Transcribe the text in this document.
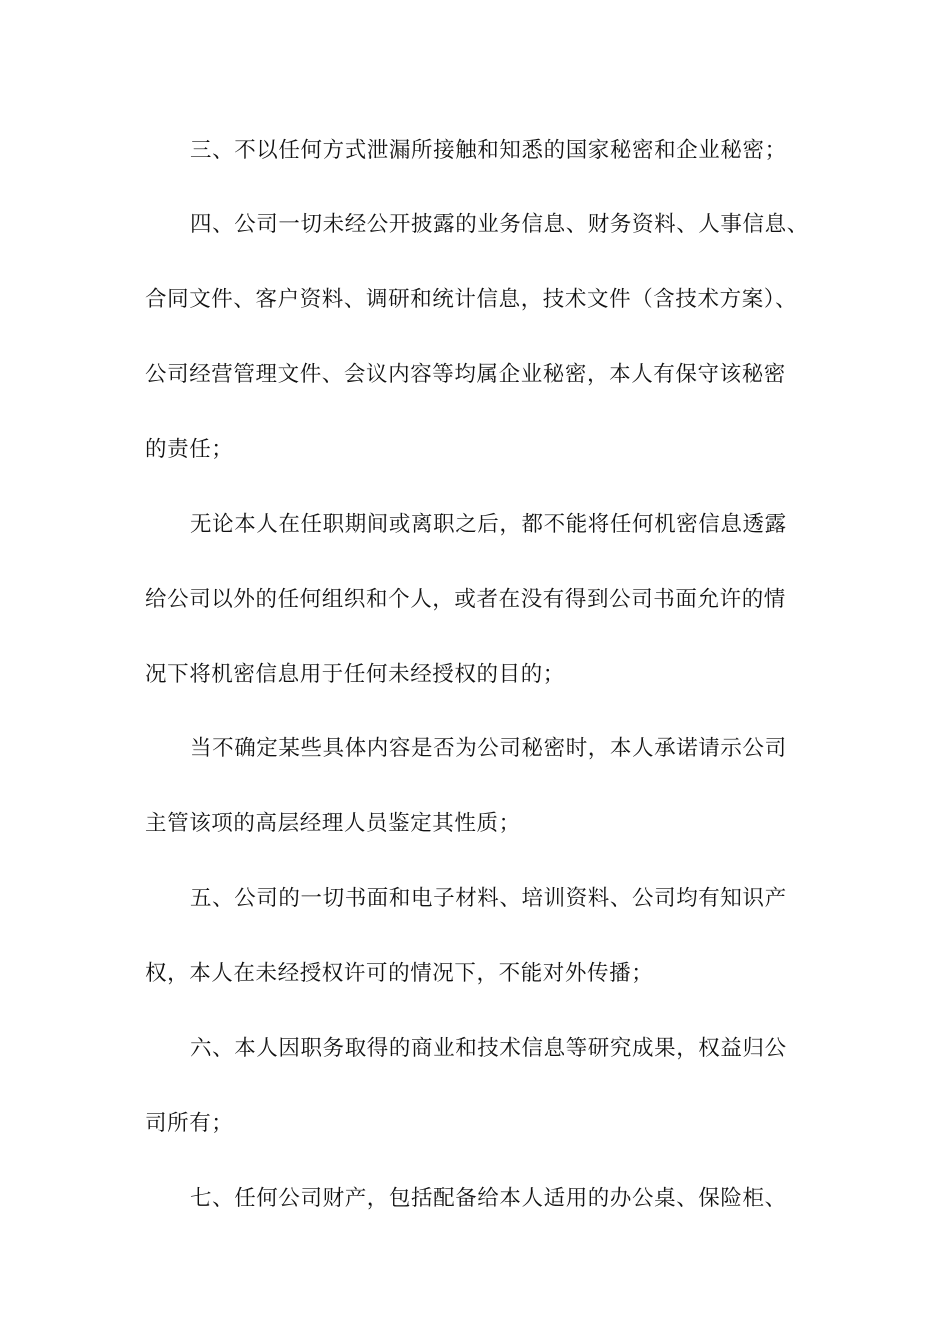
三、不以任何方式泄漏所接触和知悉的国家秘密和企业秘密；
四、公司一切未经公开披露的业务信息、财务资料、人事信息、
合同文件、客户资料、调研和统计信息，技术文件（含技术方案）、
公司经营管理文件、会议内容等均属企业秘密，本人有保守该秘密
的责任；
无论本人在任职期间或离职之后，都不能将任何机密信息透露
给公司以外的任何组织和个人，或者在没有得到公司书面允许的情
况下将机密信息用于任何未经授权的目的；
当不确定某些具体内容是否为公司秘密时，本人承诺请示公司
主管该项的高层经理人员鉴定其性质；
五、公司的一切书面和电子材料、培训资料、公司均有知识产
权，本人在未经授权许可的情况下，不能对外传播；
六、本人因职务取得的商业和技术信息等研究成果，权益归公
司所有；
七、任何公司财产，包括配备给本人适用的办公桌、保险柜、
